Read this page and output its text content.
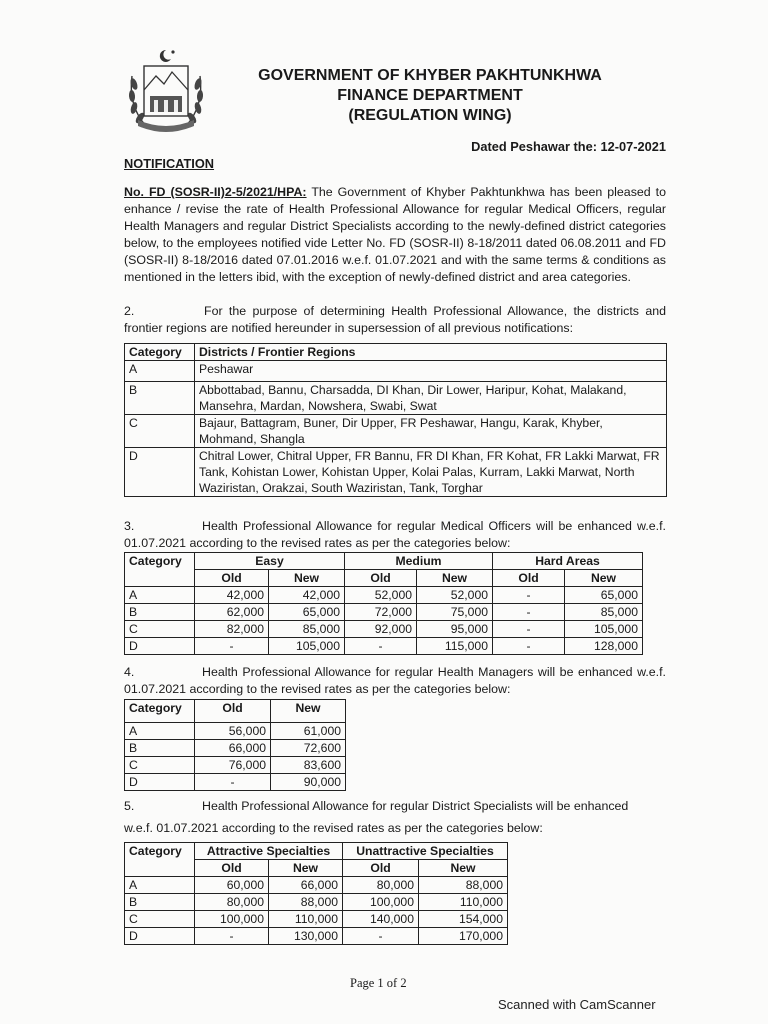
GOVERNMENT OF KHYBER PAKHTUNKHWA
FINANCE DEPARTMENT
(REGULATION WING)
Dated Peshawar the: 12-07-2021
NOTIFICATION

No. FD (SOSR-II)2-5/2021/HPA: The Government of Khyber Pakhtunkhwa has been pleased to enhance / revise the rate of Health Professional Allowance for regular Medical Officers, regular Health Managers and regular District Specialists according to the newly-defined district categories below, to the employees notified vide Letter No. FD (SOSR-II) 8-18/2011 dated 06.08.2011 and FD (SOSR-II) 8-18/2016 dated 07.01.2016 w.e.f. 01.07.2021 and with the same terms & conditions as mentioned in the letters ibid, with the exception of newly-defined district and area categories.

2.	For the purpose of determining Health Professional Allowance, the districts and frontier regions are notified hereunder in supersession of all previous notifications:

Category	Districts / Frontier Regions
A	Peshawar
B	Abbottabad, Bannu, Charsadda, DI Khan, Dir Lower, Haripur, Kohat, Malakand, Mansehra, Mardan, Nowshera, Swabi, Swat
C	Bajaur, Battagram, Buner, Dir Upper, FR Peshawar, Hangu, Karak, Khyber, Mohmand, Shangla
D	Chitral Lower, Chitral Upper, FR Bannu, FR DI Khan, FR Kohat, FR Lakki Marwat, FR Tank, Kohistan Lower, Kohistan Upper, Kolai Palas, Kurram, Lakki Marwat, North Waziristan, Orakzai, South Waziristan, Tank, Torghar

3.	Health Professional Allowance for regular Medical Officers will be enhanced w.e.f. 01.07.2021 according to the revised rates as per the categories below:

Category	Easy		Medium		Hard Areas	
	Old	New	Old	New	Old	New
A	42,000	42,000	52,000	52,000	-	65,000
B	62,000	65,000	72,000	75,000	-	85,000
C	82,000	85,000	92,000	95,000	-	105,000
D	-	105,000	-	115,000	-	128,000

4.	Health Professional Allowance for regular Health Managers will be enhanced w.e.f. 01.07.2021 according to the revised rates as per the categories below:

Category	Old	New
A	56,000	61,000
B	66,000	72,600
C	76,000	83,600
D	-	90,000

5.	Health Professional Allowance for regular District Specialists will be enhanced

w.e.f. 01.07.2021 according to the revised rates as per the categories below:

Category	Attractive Specialties		Unattractive Specialties	
	Old	New	Old	New
A	60,000	66,000	80,000	88,000
B	80,000	88,000	100,000	110,000
C	100,000	110,000	140,000	154,000
D	-	130,000	-	170,000
Page 1 of 2
Scanned with CamScanner
